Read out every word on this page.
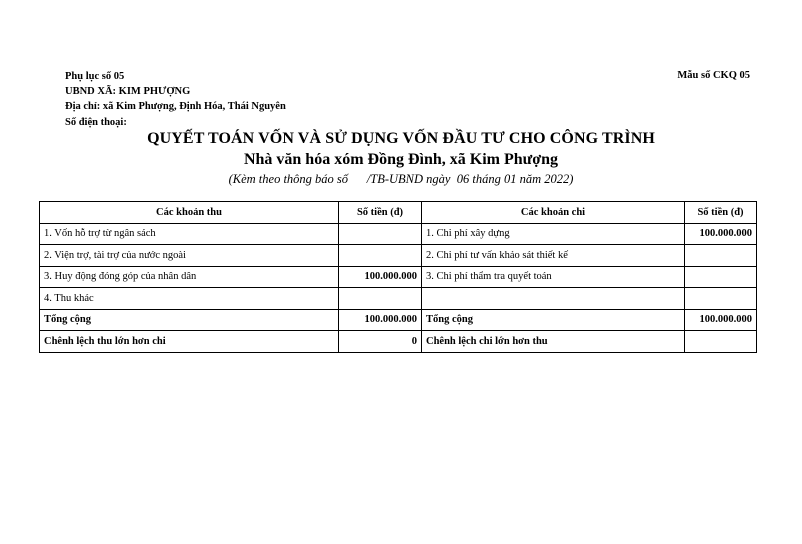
Phụ lục số 05
UBND XÃ: KIM PHƯỢNG
Địa chỉ: xã Kim Phượng, Định Hóa, Thái Nguyên
Số điện thoại:
Mẫu số CKQ 05
QUYẾT TOÁN VỐN VÀ SỬ DỤNG VỐN ĐẦU TƯ CHO CÔNG TRÌNH
Nhà văn hóa xóm Đồng Đình, xã Kim Phượng
(Kèm theo thông báo số      /TB-UBND ngày  06 tháng 01 năm 2022)
Các khoản thu	Số tiền (đ)	Các khoản chi	Số tiền (đ)
1. Vốn hỗ trợ từ ngân sách		1. Chi phí xây dựng	100.000.000
2. Viện trợ, tài trợ của nước ngoài		2. Chi phí tư vấn khảo sát thiết kế	
3. Huy động đóng góp của nhân dân	100.000.000	3. Chi phí thẩm tra quyết toán	
4. Thu khác			
Tổng cộng	100.000.000	Tổng cộng	100.000.000
Chênh lệch thu lớn hơn chi	0	Chênh lệch chi lớn hơn thu	
